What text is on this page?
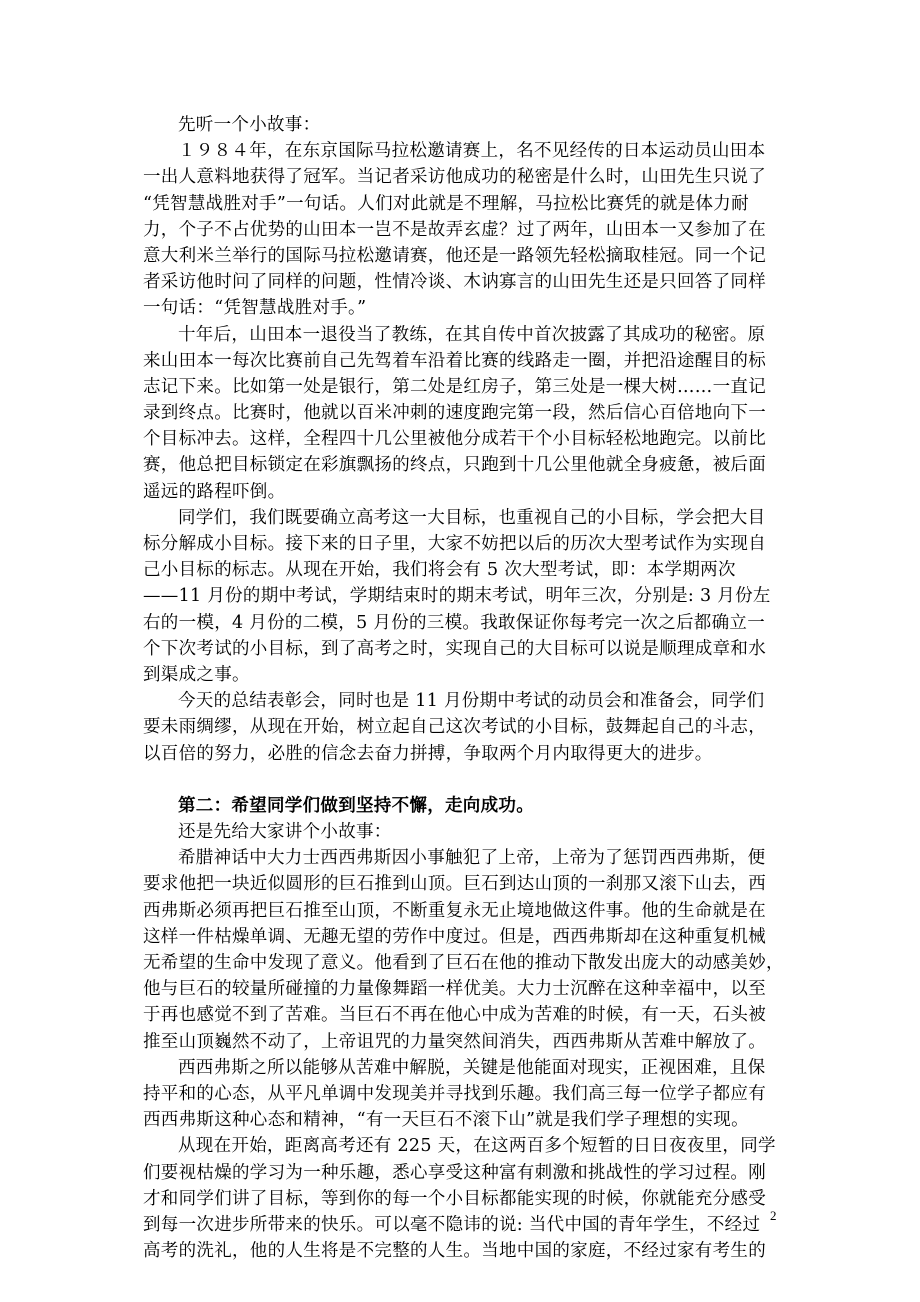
先听一个小故事：
１９８４年，在东京国际马拉松邀请赛上，名不见经传的日本运动员山田本
一出人意料地获得了冠军。当记者采访他成功的秘密是什么时，山田先生只说了
“凭智慧战胜对手”一句话。人们对此就是不理解，马拉松比赛凭的就是体力耐
力，个子不占优势的山田本一岂不是故弄玄虚？过了两年，山田本一又参加了在
意大利米兰举行的国际马拉松邀请赛，他还是一路领先轻松摘取桂冠。同一个记
者采访他时问了同样的问题，性情冷谈、木讷寡言的山田先生还是只回答了同样
一句话：“凭智慧战胜对手。”
十年后，山田本一退役当了教练，在其自传中首次披露了其成功的秘密。原
来山田本一每次比赛前自己先驾着车沿着比赛的线路走一圈，并把沿途醒目的标
志记下来。比如第一处是银行，第二处是红房子，第三处是一棵大树……一直记
录到终点。比赛时，他就以百米冲刺的速度跑完第一段，然后信心百倍地向下一
个目标冲去。这样，全程四十几公里被他分成若干个小目标轻松地跑完。以前比
赛，他总把目标锁定在彩旗飘扬的终点，只跑到十几公里他就全身疲惫，被后面
遥远的路程吓倒。
同学们，我们既要确立高考这一大目标，也重视自己的小目标，学会把大目
标分解成小目标。接下来的日子里，大家不妨把以后的历次大型考试作为实现自
己小目标的标志。从现在开始，我们将会有 5 次大型考试，即：本学期两次
——11 月份的期中考试，学期结束时的期末考试，明年三次，分别是: 3 月份左
右的一模，4 月份的二模，5 月份的三模。我敢保证你每考完一次之后都确立一
个下次考试的小目标，到了高考之时，实现自己的大目标可以说是顺理成章和水
到渠成之事。
今天的总结表彰会，同时也是 11 月份期中考试的动员会和准备会，同学们
要未雨绸缪，从现在开始，树立起自己这次考试的小目标，鼓舞起自己的斗志，
以百倍的努力，必胜的信念去奋力拼搏，争取两个月内取得更大的进步。
第二：希望同学们做到坚持不懈，走向成功。
还是先给大家讲个小故事：
希腊神话中大力士西西弗斯因小事触犯了上帝，上帝为了惩罚西西弗斯，便
要求他把一块近似圆形的巨石推到山顶。巨石到达山顶的一刹那又滚下山去，西
西弗斯必须再把巨石推至山顶，不断重复永无止境地做这件事。他的生命就是在
这样一件枯燥单调、无趣无望的劳作中度过。但是，西西弗斯却在这种重复机械
无希望的生命中发现了意义。他看到了巨石在他的推动下散发出庞大的动感美妙，
他与巨石的较量所碰撞的力量像舞蹈一样优美。大力士沉醉在这种幸福中，以至
于再也感觉不到了苦难。当巨石不再在他心中成为苦难的时候，有一天，石头被
推至山顶巍然不动了，上帝诅咒的力量突然间消失，西西弗斯从苦难中解放了。
西西弗斯之所以能够从苦难中解脱，关键是他能面对现实，正视困难，且保
持平和的心态，从平凡单调中发现美并寻找到乐趣。我们高三每一位学子都应有
西西弗斯这种心态和精神，“有一天巨石不滚下山”就是我们学子理想的实现。
从现在开始，距离高考还有 225 天，在这两百多个短暂的日日夜夜里，同学
们要视枯燥的学习为一种乐趣，悉心享受这种富有刺激和挑战性的学习过程。刚
才和同学们讲了目标，等到你的每一个小目标都能实现的时候，你就能充分感受
到每一次进步所带来的快乐。可以毫不隐讳的说: 当代中国的青年学生，不经过
高考的洗礼，他的人生将是不完整的人生。当地中国的家庭，不经过家有考生的
2
